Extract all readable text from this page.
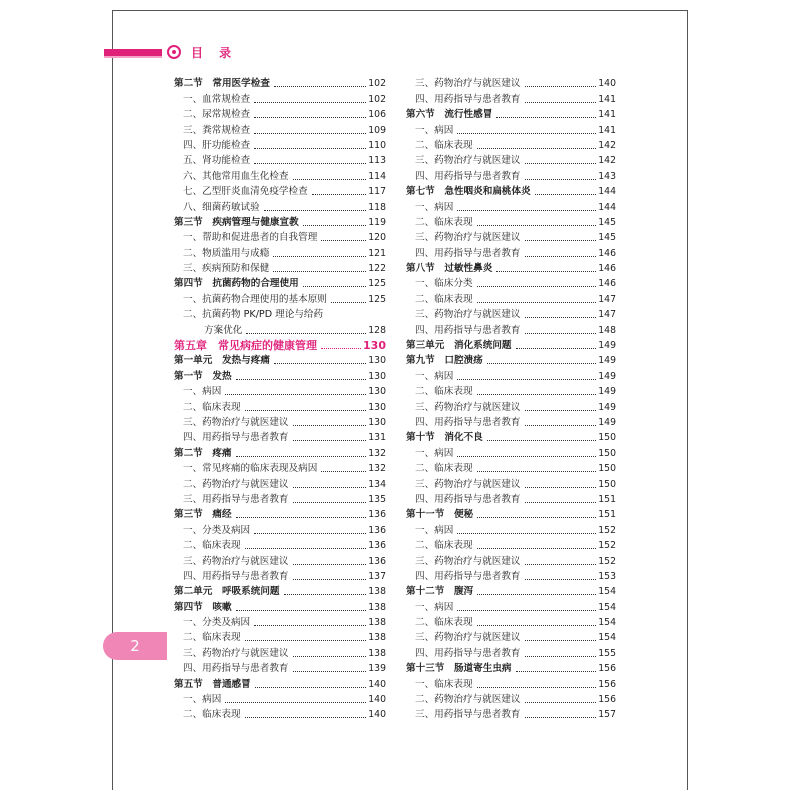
目 录
2
第二节　常用医学检查	102
一、血常规检查	102
二、尿常规检查	106
三、粪常规检查	109
四、肝功能检查	110
五、肾功能检查	113
六、其他常用血生化检查	114
七、乙型肝炎血清免疫学检查	117
八、细菌药敏试验	118
第三节　疾病管理与健康宣教	119
一、帮助和促进患者的自我管理	120
二、物质滥用与成瘾	121
三、疾病预防和保健	122
第四节　抗菌药物的合理使用	125
一、抗菌药物合理使用的基本原则	125
二、抗菌药物 PK/PD 理论与给药
方案优化	128
第五章　常见病症的健康管理	130
第一单元　发热与疼痛	130
第一节　发热	130
一、病因	130
二、临床表现	130
三、药物治疗与就医建议	130
四、用药指导与患者教育	131
第二节　疼痛	132
一、常见疼痛的临床表现及病因	132
二、药物治疗与就医建议	134
三、用药指导与患者教育	135
第三节　痛经	136
一、分类及病因	136
二、临床表现	136
三、药物治疗与就医建议	136
四、用药指导与患者教育	137
第二单元　呼吸系统问题	138
第四节　咳嗽	138
一、分类及病因	138
二、临床表现	138
三、药物治疗与就医建议	138
四、用药指导与患者教育	139
第五节　普通感冒	140
一、病因	140
二、临床表现	140
三、药物治疗与就医建议	140
四、用药指导与患者教育	141
第六节　流行性感冒	141
一、病因	141
二、临床表现	142
三、药物治疗与就医建议	142
四、用药指导与患者教育	143
第七节　急性咽炎和扁桃体炎	144
一、病因	144
二、临床表现	145
三、药物治疗与就医建议	145
四、用药指导与患者教育	146
第八节　过敏性鼻炎	146
一、临床分类	146
二、临床表现	147
三、药物治疗与就医建议	147
四、用药指导与患者教育	148
第三单元　消化系统问题	149
第九节　口腔溃疡	149
一、病因	149
二、临床表现	149
三、药物治疗与就医建议	149
四、用药指导与患者教育	149
第十节　消化不良	150
一、病因	150
二、临床表现	150
三、药物治疗与就医建议	150
四、用药指导与患者教育	151
第十一节　便秘	151
一、病因	152
二、临床表现	152
三、药物治疗与就医建议	152
四、用药指导与患者教育	153
第十二节　腹泻	154
一、病因	154
二、临床表现	154
三、药物治疗与就医建议	154
四、用药指导与患者教育	155
第十三节　肠道寄生虫病	156
一、临床表现	156
二、药物治疗与就医建议	156
三、用药指导与患者教育	157
